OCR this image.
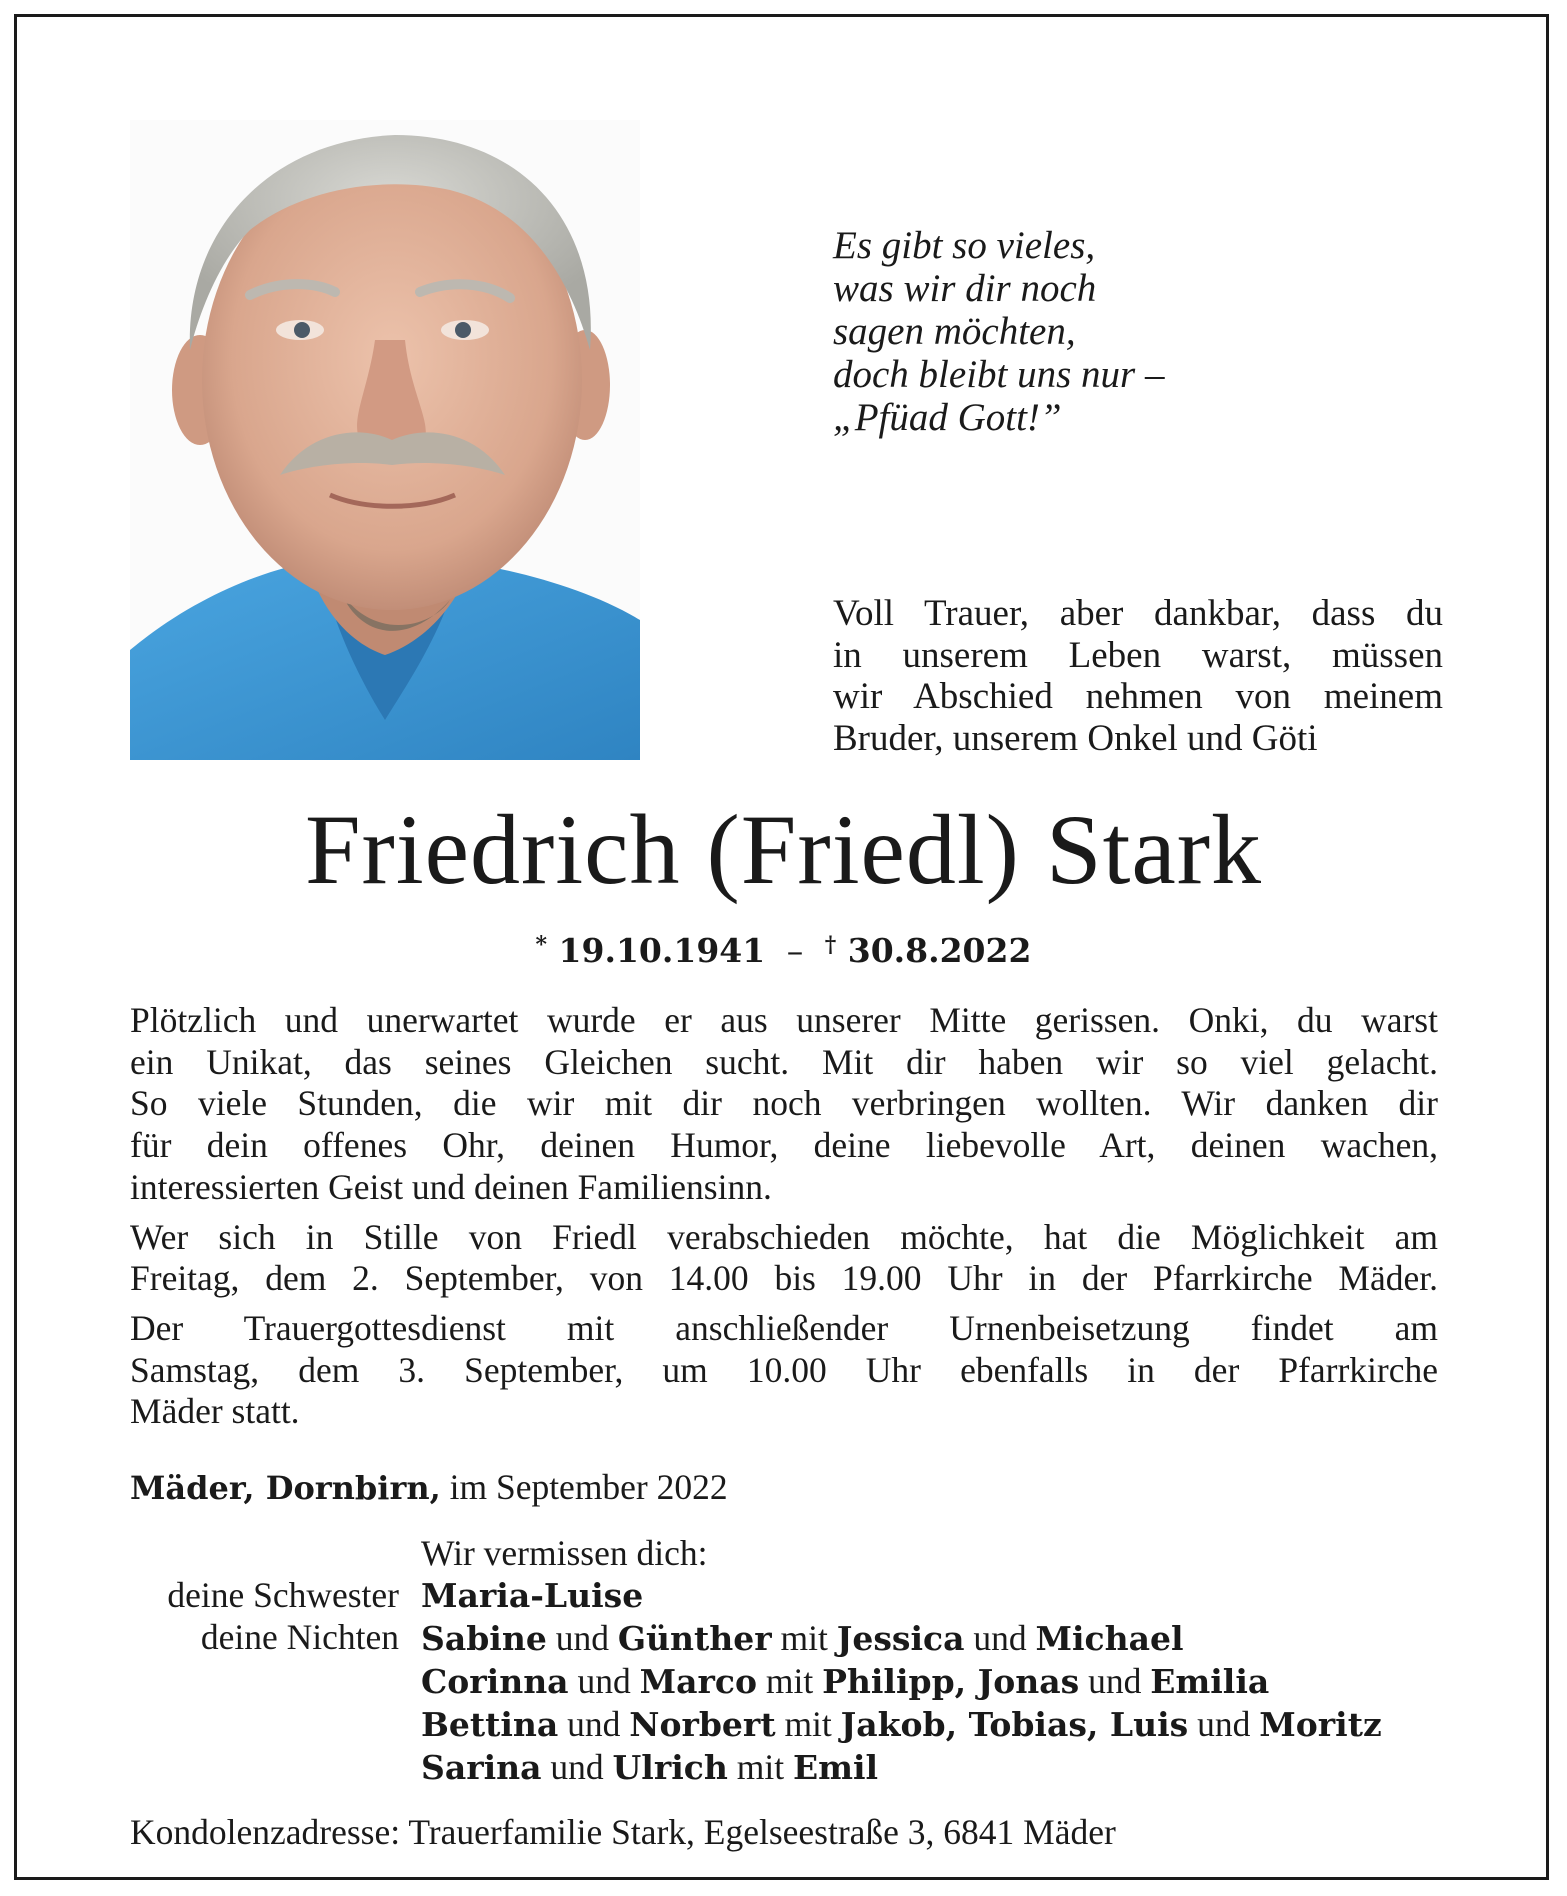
Es gibt so vieles,
was wir dir noch
sagen möchten,
doch bleibt uns nur –
„Pfüad Gott!”
Voll Trauer, aber dankbar, dass du
in unserem Leben warst, müssen
wir Abschied nehmen von meinem
Bruder, unserem Onkel und Göti
Friedrich (Friedl) Stark
* 19.10.1941 – † 30.8.2022
Plötzlich und unerwartet wurde er aus unserer Mitte gerissen. Onki, du warst
ein Unikat, das seines Gleichen sucht. Mit dir haben wir so viel gelacht.
So viele Stunden, die wir mit dir noch verbringen wollten. Wir danken dir
für dein offenes Ohr, deinen Humor, deine liebevolle Art, deinen wachen,
interessierten Geist und deinen Familiensinn.
Wer sich in Stille von Friedl verabschieden möchte, hat die Möglichkeit am
Freitag, dem 2. September, von 14.00 bis 19.00 Uhr in der Pfarrkirche Mäder.
Der Trauergottesdienst mit anschließender Urnenbeisetzung findet am
Samstag, dem 3. September, um 10.00 Uhr ebenfalls in der Pfarrkirche
Mäder statt.
Mäder, Dornbirn, im September 2022
Wir vermissen dich:
deine Schwester
deine Nichten
Maria-Luise
Sabine und Günther mit Jessica und Michael
Corinna und Marco mit Philipp, Jonas und Emilia
Bettina und Norbert mit Jakob, Tobias, Luis und Moritz
Sarina und Ulrich mit Emil
Kondolenzadresse: Trauerfamilie Stark, Egelseestraße 3, 6841 Mäder
